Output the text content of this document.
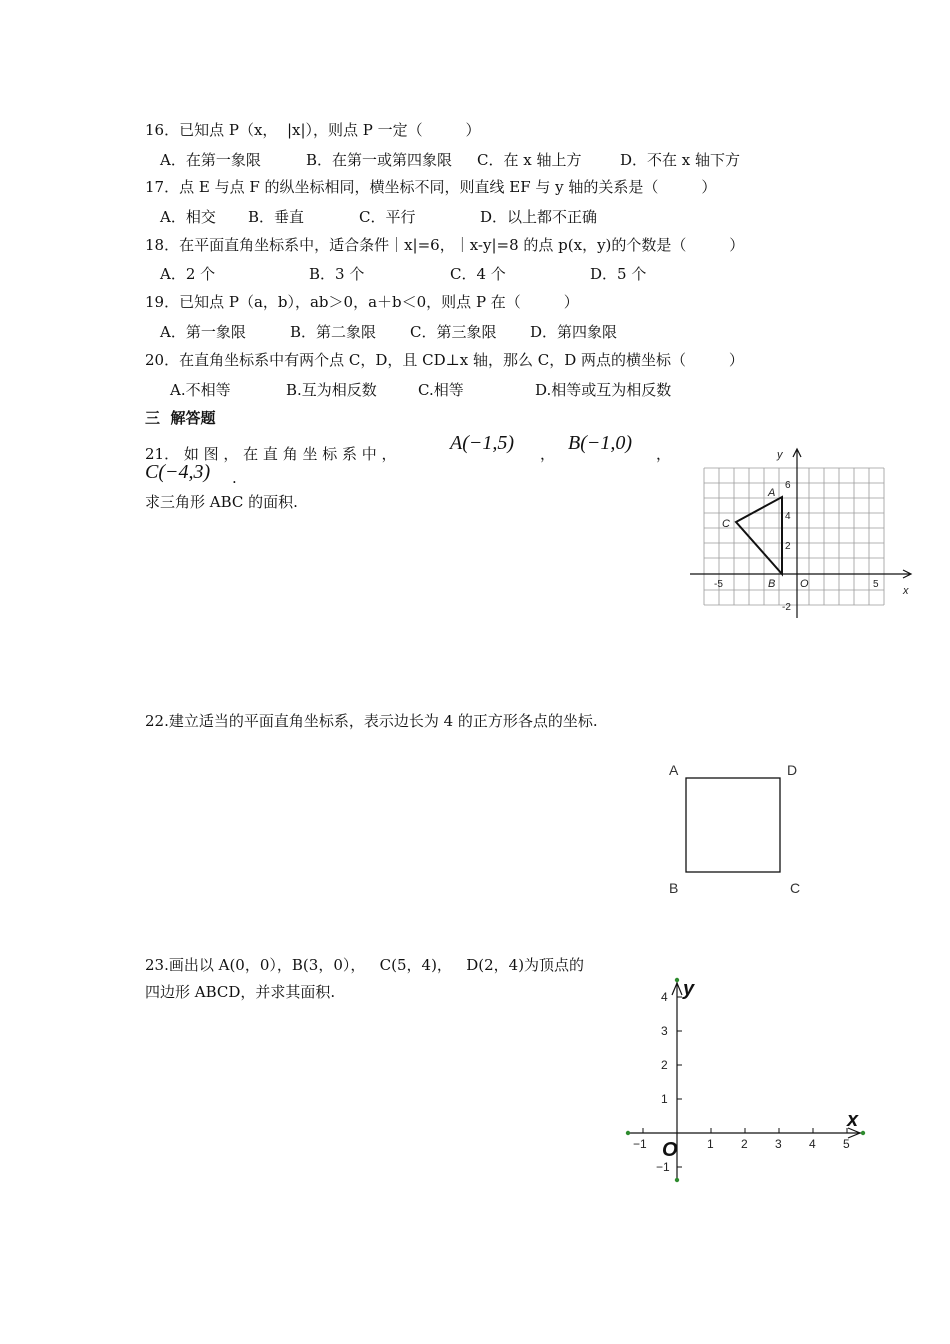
16．已知点 P（x，  |x|），则点 P 一定（         ）
A．在第一象限	B．在第一或第四象限 C．在 x 轴上方	D．不在 x 轴下方
17．点 E 与点 F 的纵坐标相同，横坐标不同，则直线 EF 与 y 轴的关系是（         ）
A．相交 B．垂直	C．平行	D．以上都不正确
18．在平面直角坐标系中，适合条件｜x|=6，｜x-y|=8 的点 p(x，y)的个数是（         ）
A．2 个	B．3 个	C．4 个	D．5 个
19．已知点 P（a，b），ab＞0，a＋b＜0，则点 P 在（         ）
A．第一象限	B．第二象限 C．第三象限 D．第四象限
20．在直角坐标系中有两个点 C，D，且 CD⊥x 轴，那么 C，D 两点的横坐标（         ）
A.不相等	B.互为相反数	C.相等	D.相等或互为相反数
三  解答题
21． 如 图 ， 在 直 角 坐 标 系 中 ，	A(−1,5) ， B(−1,0) ，
C(−4,3) .
求三角形 ABC 的面积.
y
x
O
A
B
C
-5	5
6
4
2
-2
22.建立适当的平面直角坐标系，表示边长为 4 的正方形各点的坐标.
A	D
B	C
23.画出以 A(0，0），B(3，0），   C(5，4)，   D(2，4)为顶点的
四边形 ABCD，并求其面积.
−1	1 2 3 4 5
4
3
2
1
−1
y
x
O
